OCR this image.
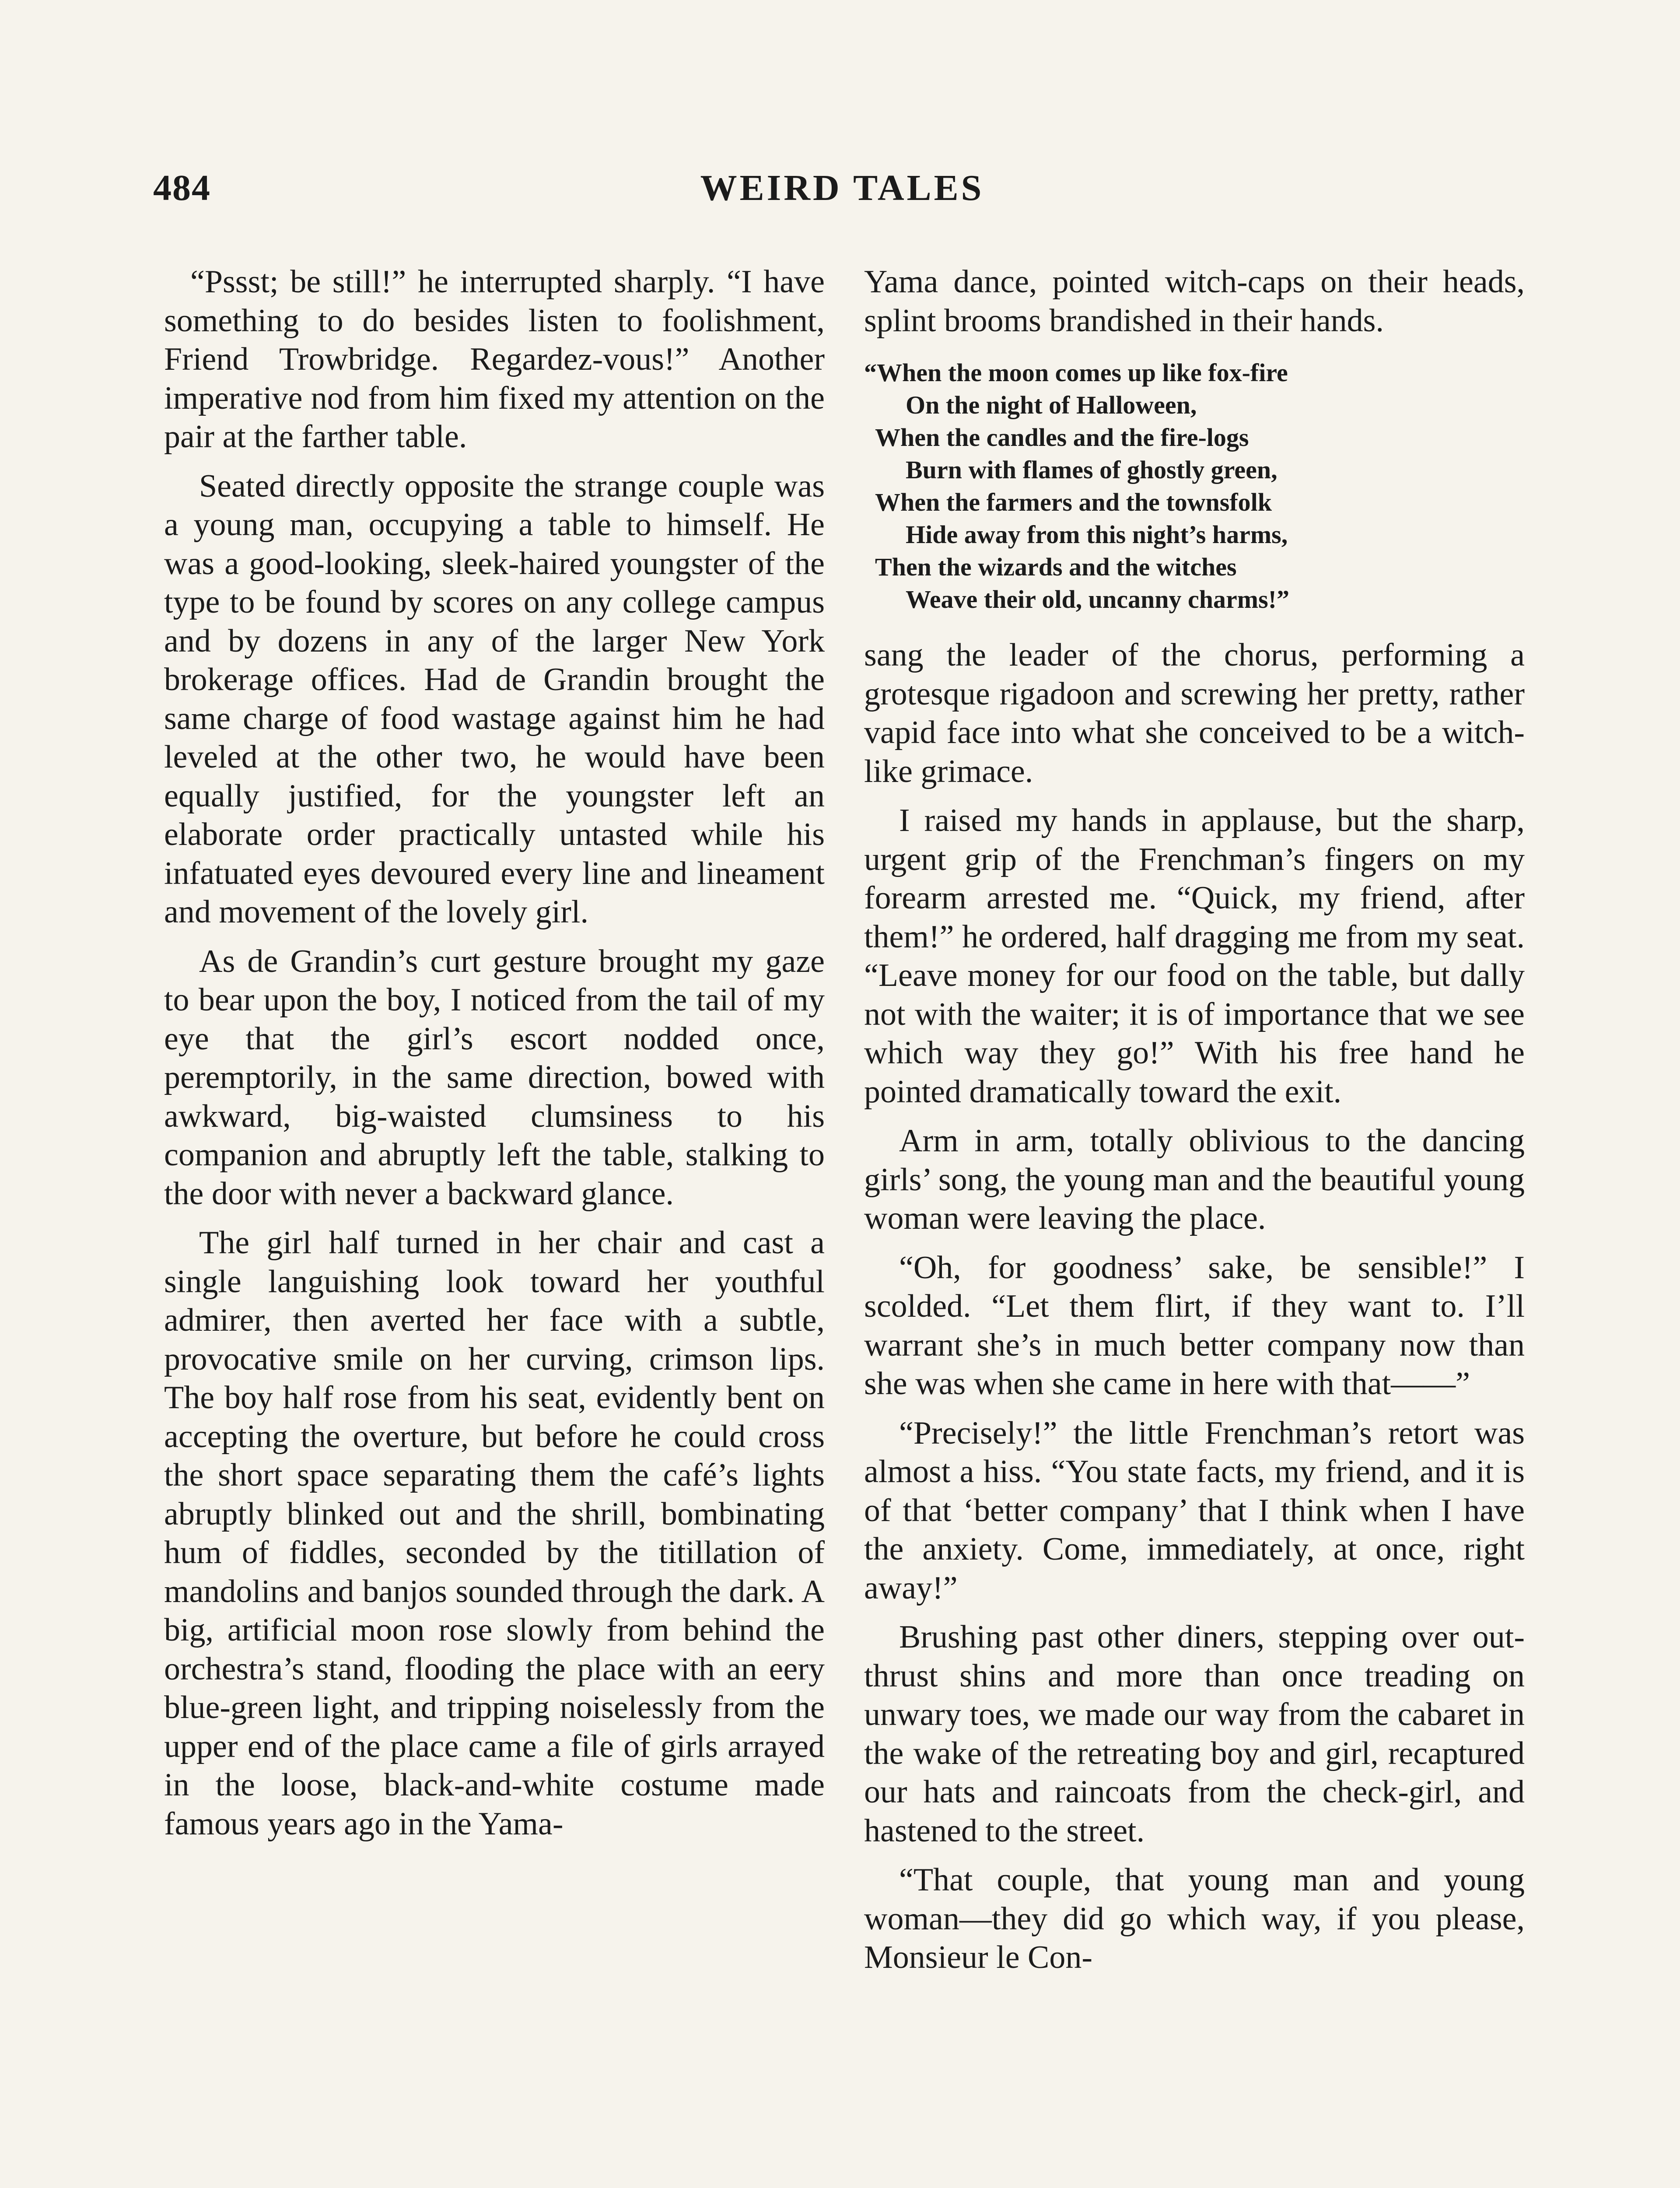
484	WEIRD TALES

“Pssst; be still!” he interrupted sharply. “I have something to do besides listen to foolishment, Friend Trowbridge. Regardez-vous!” Another imperative nod from him fixed my attention on the pair at the farther table.

Seated directly opposite the strange couple was a young man, occupying a table to himself. He was a good-looking, sleek-haired youngster of the type to be found by scores on any college campus and by dozens in any of the larger New York brokerage offices. Had de Grandin brought the same charge of food wastage against him he had leveled at the other two, he would have been equally justified, for the youngster left an elaborate order practically untasted while his infatuated eyes devoured every line and lineament and movement of the lovely girl.

As de Grandin’s curt gesture brought my gaze to bear upon the boy, I noticed from the tail of my eye that the girl’s escort nodded once, peremptorily, in the same direction, bowed with awkward, big-waisted clumsiness to his companion and abruptly left the table, stalking to the door with never a backward glance.

The girl half turned in her chair and cast a single languishing look toward her youthful admirer, then averted her face with a subtle, provocative smile on her curving, crimson lips. The boy half rose from his seat, evidently bent on accepting the overture, but before he could cross the short space separating them the café’s lights abruptly blinked out and the shrill, bombinating hum of fiddles, seconded by the titillation of mandolins and banjos sounded through the dark. A big, artificial moon rose slowly from behind the orchestra’s stand, flooding the place with an eery blue-green light, and tripping noiselessly from the upper end of the place came a file of girls arrayed in the loose, black-and-white costume made famous years ago in the Yama-

Yama dance, pointed witch-caps on their heads, splint brooms brandished in their hands.

“When the moon comes up like fox-fire
On the night of Halloween,
When the candles and the fire-logs
Burn with flames of ghostly green,
When the farmers and the townsfolk
Hide away from this night’s harms,
Then the wizards and the witches
Weave their old, uncanny charms!”

sang the leader of the chorus, performing a grotesque rigadoon and screwing her pretty, rather vapid face into what she conceived to be a witch-like grimace.

I raised my hands in applause, but the sharp, urgent grip of the Frenchman’s fingers on my forearm arrested me. “Quick, my friend, after them!” he ordered, half dragging me from my seat. “Leave money for our food on the table, but dally not with the waiter; it is of importance that we see which way they go!” With his free hand he pointed dramatically toward the exit.

Arm in arm, totally oblivious to the dancing girls’ song, the young man and the beautiful young woman were leaving the place.

“Oh, for goodness’ sake, be sensible!” I scolded. “Let them flirt, if they want to. I’ll warrant she’s in much better company now than she was when she came in here with that——”

“Precisely!” the little Frenchman’s retort was almost a hiss. “You state facts, my friend, and it is of that ‘better company’ that I think when I have the anxiety. Come, immediately, at once, right away!”

Brushing past other diners, stepping over out-thrust shins and more than once treading on unwary toes, we made our way from the cabaret in the wake of the retreating boy and girl, recaptured our hats and raincoats from the check-girl, and hastened to the street.

“That couple, that young man and young woman—they did go which way, if you please, Monsieur le Con-
